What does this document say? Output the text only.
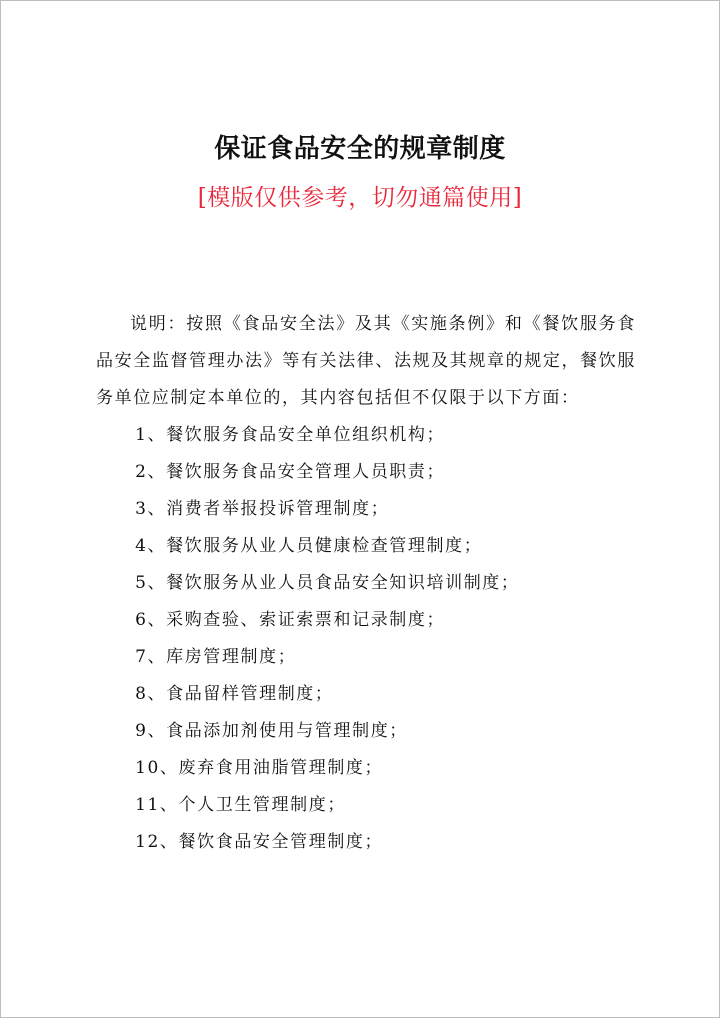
保证食品安全的规章制度
[模版仅供参考，切勿通篇使用]

说明：按照《食品安全法》及其《实施条例》和《餐饮服务食品安全监督管理办法》等有关法律、法规及其规章的规定，餐饮服务单位应制定本单位的，其内容包括但不仅限于以下方面：

1、餐饮服务食品安全单位组织机构；
2、餐饮服务食品安全管理人员职责；
3、消费者举报投诉管理制度；
4、餐饮服务从业人员健康检查管理制度；
5、餐饮服务从业人员食品安全知识培训制度；
6、采购查验、索证索票和记录制度；
7、库房管理制度；
8、食品留样管理制度；
9、食品添加剂使用与管理制度；
10、废弃食用油脂管理制度；
11、个人卫生管理制度；
12、餐饮食品安全管理制度；
